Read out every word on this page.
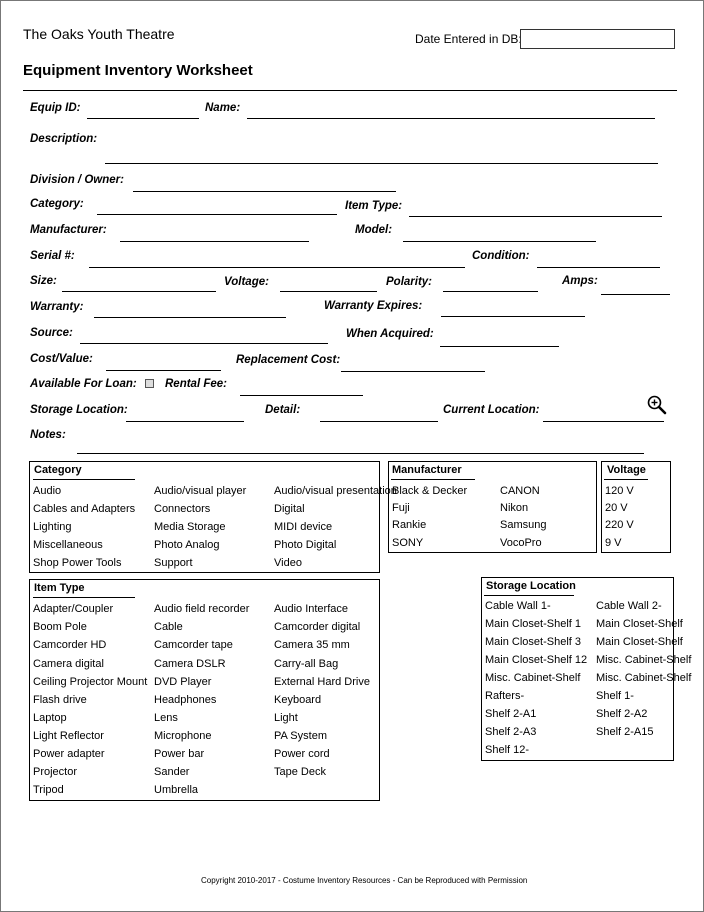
The Oaks Youth Theatre	Date Entered in DB:
Equipment Inventory Worksheet
Equip ID:	Name:
Description:
Division / Owner:
Category:	Item Type:
Manufacturer:	Model:
Serial #:	Condition:
Size:	Voltage:	Polarity:	Amps:
Warranty:	Warranty Expires:
Source:	When Acquired:
Cost/Value:	Replacement Cost:
Available For Loan: Rental Fee:
Storage Location:	Detail:	Current Location:
Notes:
Category
Audio	Audio/visual player	Audio/visual presentation
Cables and Adapters	Connectors	Digital
Lighting	Media Storage	MIDI device
Miscellaneous	Photo Analog	Photo Digital
Shop Power Tools	Support	Video
Manufacturer
Black & Decker	CANON
Fuji	Nikon
Rankie	Samsung
SONY	VocoPro
Voltage
120 V
20 V
220 V
9 V
Item Type
Adapter/Coupler	Audio field recorder	Audio Interface
Boom Pole	Cable	Camcorder digital
Camcorder HD	Camcorder tape	Camera 35 mm
Camera digital	Camera DSLR	Carry-all Bag
Ceiling Projector Mount DVD Player	External Hard Drive
Flash drive	Headphones	Keyboard
Laptop	Lens	Light
Light Reflector	Microphone	PA System
Power adapter	Power bar	Power cord
Projector	Sander	Tape Deck
Tripod	Umbrella
Storage Location
Cable Wall 1-	Cable Wall 2-
Main Closet-Shelf 1	Main Closet-Shelf
Main Closet-Shelf 3	Main Closet-Shelf
Main Closet-Shelf 12 Misc. Cabinet-Shelf
Misc. Cabinet-Shelf	Misc. Cabinet-Shelf
Rafters-	Shelf 1-
Shelf 2-A1	Shelf 2-A2
Shelf 2-A3	Shelf 2-A15
Shelf 12-
Copyright 2010-2017 - Costume Inventory Resources - Can be Reproduced with Permission
